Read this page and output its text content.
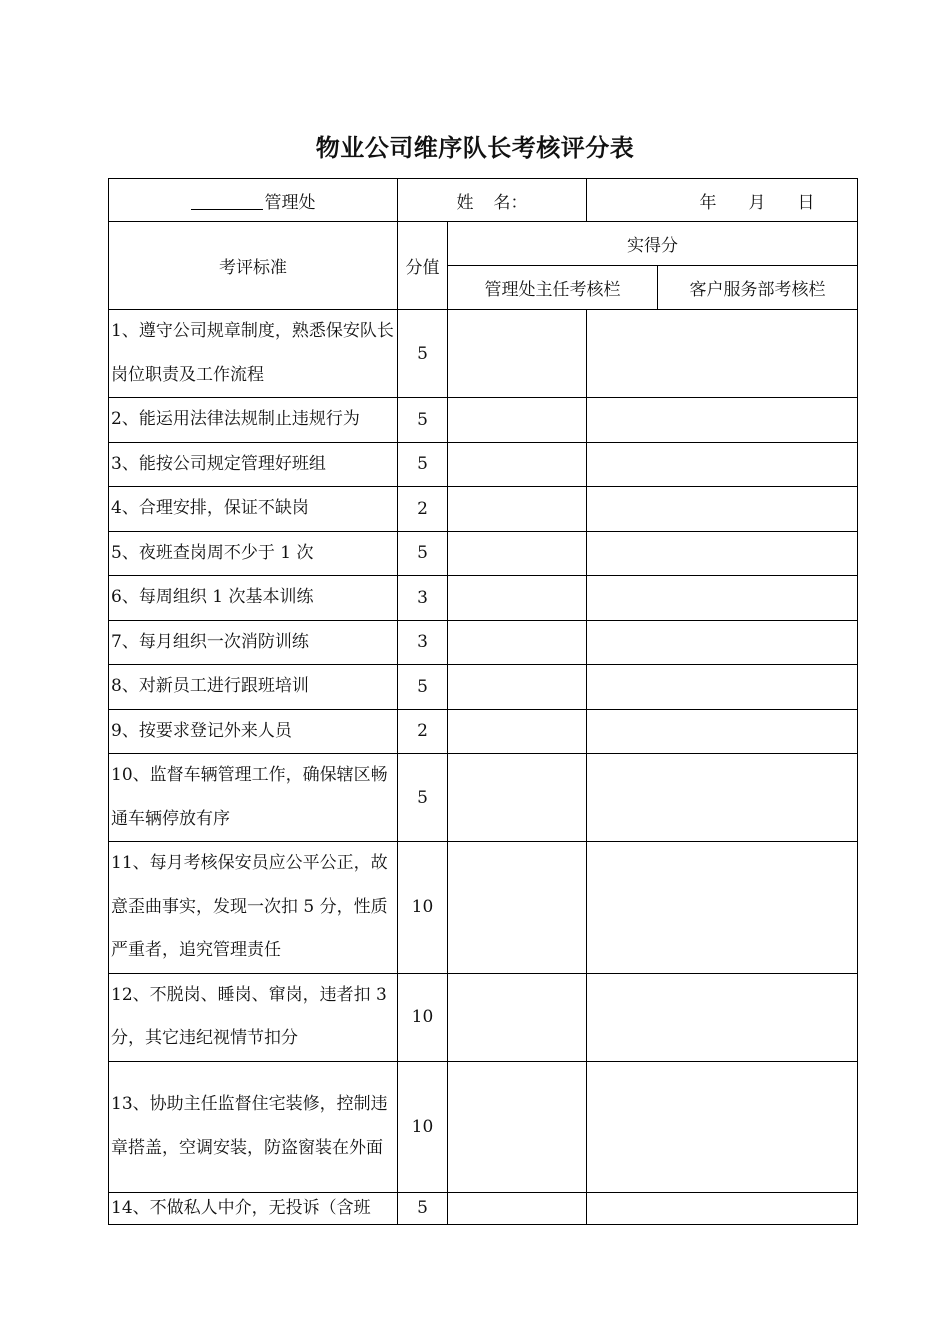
物业公司维序队长考核评分表
管理处	姓 名：		年 月 日	
考评标准	分值	实得分		
		管理处主任考核栏		客户服务部考核栏
1、遵守公司规章制度，熟悉保安队长岗位职责及工作流程	5			
2、能运用法律法规制止违规行为	5			
3、能按公司规定管理好班组	5			
4、合理安排，保证不缺岗	2			
5、夜班查岗周不少于 1 次	5			
6、每周组织 1 次基本训练	3			
7、每月组织一次消防训练	3			
8、对新员工进行跟班培训	5			
9、按要求登记外来人员	2			
10、监督车辆管理工作，确保辖区畅通车辆停放有序	5			
11、每月考核保安员应公平公正，故意歪曲事实，发现一次扣 5 分，性质严重者，追究管理责任	10			
12、不脱岗、睡岗、窜岗，违者扣 3 分，其它违纪视情节扣分	10			
13、协助主任监督住宅装修，控制违章搭盖，空调安装，防盗窗装在外面	10			
14、不做私人中介，无投诉（含班	5			
